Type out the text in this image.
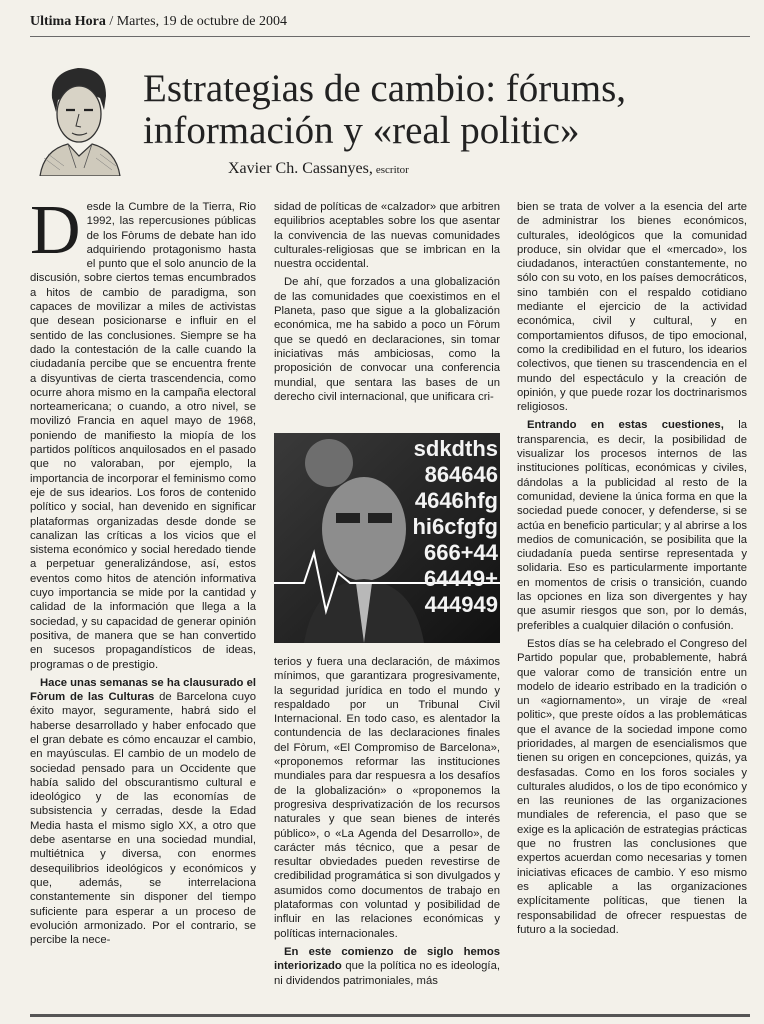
Ultima Hora / Martes, 19 de octubre de 2004
Estrategias de cambio: fórums,
información y «real politic»
Xavier Ch. Cassanyes, escritor

Desde la Cumbre de la Tierra, Rio 1992, las repercusiones públicas de los Fòrums de debate han ido adquiriendo protagonismo hasta el punto que el solo anuncio de la discusión, sobre ciertos temas encumbrados a hitos de cambio de paradigma, son capaces de movilizar a miles de activistas que desean posicionarse e influir en el sentido de las conclusiones. Siempre se ha dado la contestación de la calle cuando la ciudadanía percibe que se encuentra frente a disyuntivas de cierta trascendencia, como ocurre ahora mismo en la campaña electoral norteamericana; o cuando, a otro nivel, se movilizó Francia en aquel mayo de 1968, poniendo de manifiesto la miopía de los partidos políticos anquilosados en el pasado que no valoraban, por ejemplo, la importancia de incorporar el feminismo como eje de sus idearios. Los foros de contenido político y social, han devenido en significar plataformas organizadas desde donde se canalizan las críticas a los vicios que el sistema económico y social heredado tiende a perpetuar generalizándose, así, estos eventos como hitos de atención informativa cuyo importancia se mide por la cantidad y calidad de la información que llega a la sociedad, y su capacidad de generar opinión positiva, de manera que se han convertido en sucesos propagandísticos de ideas, programas o de prestigio.

Hace unas semanas se ha clausurado el Fòrum de las Culturas de Barcelona cuyo éxito mayor, seguramente, habrá sido el haberse desarrollado y haber enfocado que el gran debate es cómo encauzar el cambio, en mayúsculas. El cambio de un modelo de sociedad pensado para un Occidente que había salido del obscurantismo cultural e ideológico y de las economías de subsistencia y cerradas, desde la Edad Media hasta el mismo siglo XX, a otro que debe asentarse en una sociedad mundial, multiétnica y diversa, con enormes desequilibrios ideológicos y económicos y que, además, se interrelaciona constantemente sin disponer del tiempo suficiente para esperar a un proceso de evolución armonizado. Por el contrario, se percibe la nece-

sidad de políticas de «calzador» que arbitren equilibrios aceptables sobre los que asentar la convivencia de las nuevas comunidades culturales-religiosas que se imbrican en la nuestra occidental.

De ahí, que forzados a una globalización de las comunidades que coexistimos en el Planeta, paso que sigue a la globalización económica, me ha sabido a poco un Fòrum que se quedó en declaraciones, sin tomar iniciativas más ambiciosas, como la proposición de convocar una conferencia mundial, que sentara las bases de un derecho civil internacional, que unificara cri-

sdkdths
864646
4646hfg
hi6cfgfg
666+44
64449+
444949

terios y fuera una declaración, de máximos mínimos, que garantizara progresivamente, la seguridad jurídica en todo el mundo y respaldado por un Tribunal Civil Internacional. En todo caso, es alentador la contundencia de las declaraciones finales del Fòrum, «El Compromiso de Barcelona», «proponemos reformar las instituciones mundiales para dar respuesra a los desafíos de la globalización» o «proponemos la progresiva desprivatización de los recursos naturales y que sean bienes de interés público», o «La Agenda del Desarrollo», de carácter más técnico, que a pesar de resultar obviedades pueden revestirse de credibilidad programática si son divulgados y asumidos como documentos de trabajo en plataformas con voluntad y posibilidad de influir en las relaciones económicas y políticas internacionales.

En este comienzo de siglo hemos interiorizado que la política no es ideología, ni dividendos patrimoniales, más

bien se trata de volver a la esencia del arte de administrar los bienes económicos, culturales, ideológicos que la comunidad produce, sin olvidar que el «mercado», los ciudadanos, interactúen constantemente, no sólo con su voto, en los países democráticos, sino también con el respaldo cotidiano mediante el ejercicio de la actividad económica, civil y cultural, y en comportamientos difusos, de tipo emocional, como la credibilidad en el futuro, los idearios colectivos, que tienen su trascendencia en el mundo del espectáculo y la creación de opinión, y que puede rozar los doctrinarismos religiosos.

Entrando en estas cuestiones, la transparencia, es decir, la posibilidad de visualizar los procesos internos de las instituciones políticas, económicas y civiles, dándolas a la publicidad al resto de la comunidad, deviene la única forma en que la sociedad puede conocer, y defenderse, si se actúa en beneficio particular; y al abrirse a los medios de comunicación, se posibilita que la ciudadanía pueda sentirse representada y solidaria. Eso es particularmente importante en momentos de crisis o transición, cuando las opciones en liza son divergentes y hay que asumir riesgos que son, por lo demás, preferibles a cualquier dilación o confusión.

Estos días se ha celebrado el Congreso del Partido popular que, probablemente, habrá que valorar como de transición entre un modelo de ideario estribado en la tradición o un «agiornamento», un viraje de «real politic», que preste oídos a las problemáticas que el avance de la sociedad impone como prioridades, al margen de esencialismos que tienen su origen en concepciones, quizás, ya desfasadas. Como en los foros sociales y culturales aludidos, o los de tipo económico y en las reuniones de las organizaciones mundiales de referencia, el paso que se exige es la aplicación de estrategias prácticas que no frustren las conclusiones que expertos acuerdan como necesarias y tomen iniciativas eficaces de cambio. Y eso mismo es aplicable a las organizaciones explícitamente políticas, que tienen la responsabilidad de ofrecer respuestas de futuro a la sociedad.
